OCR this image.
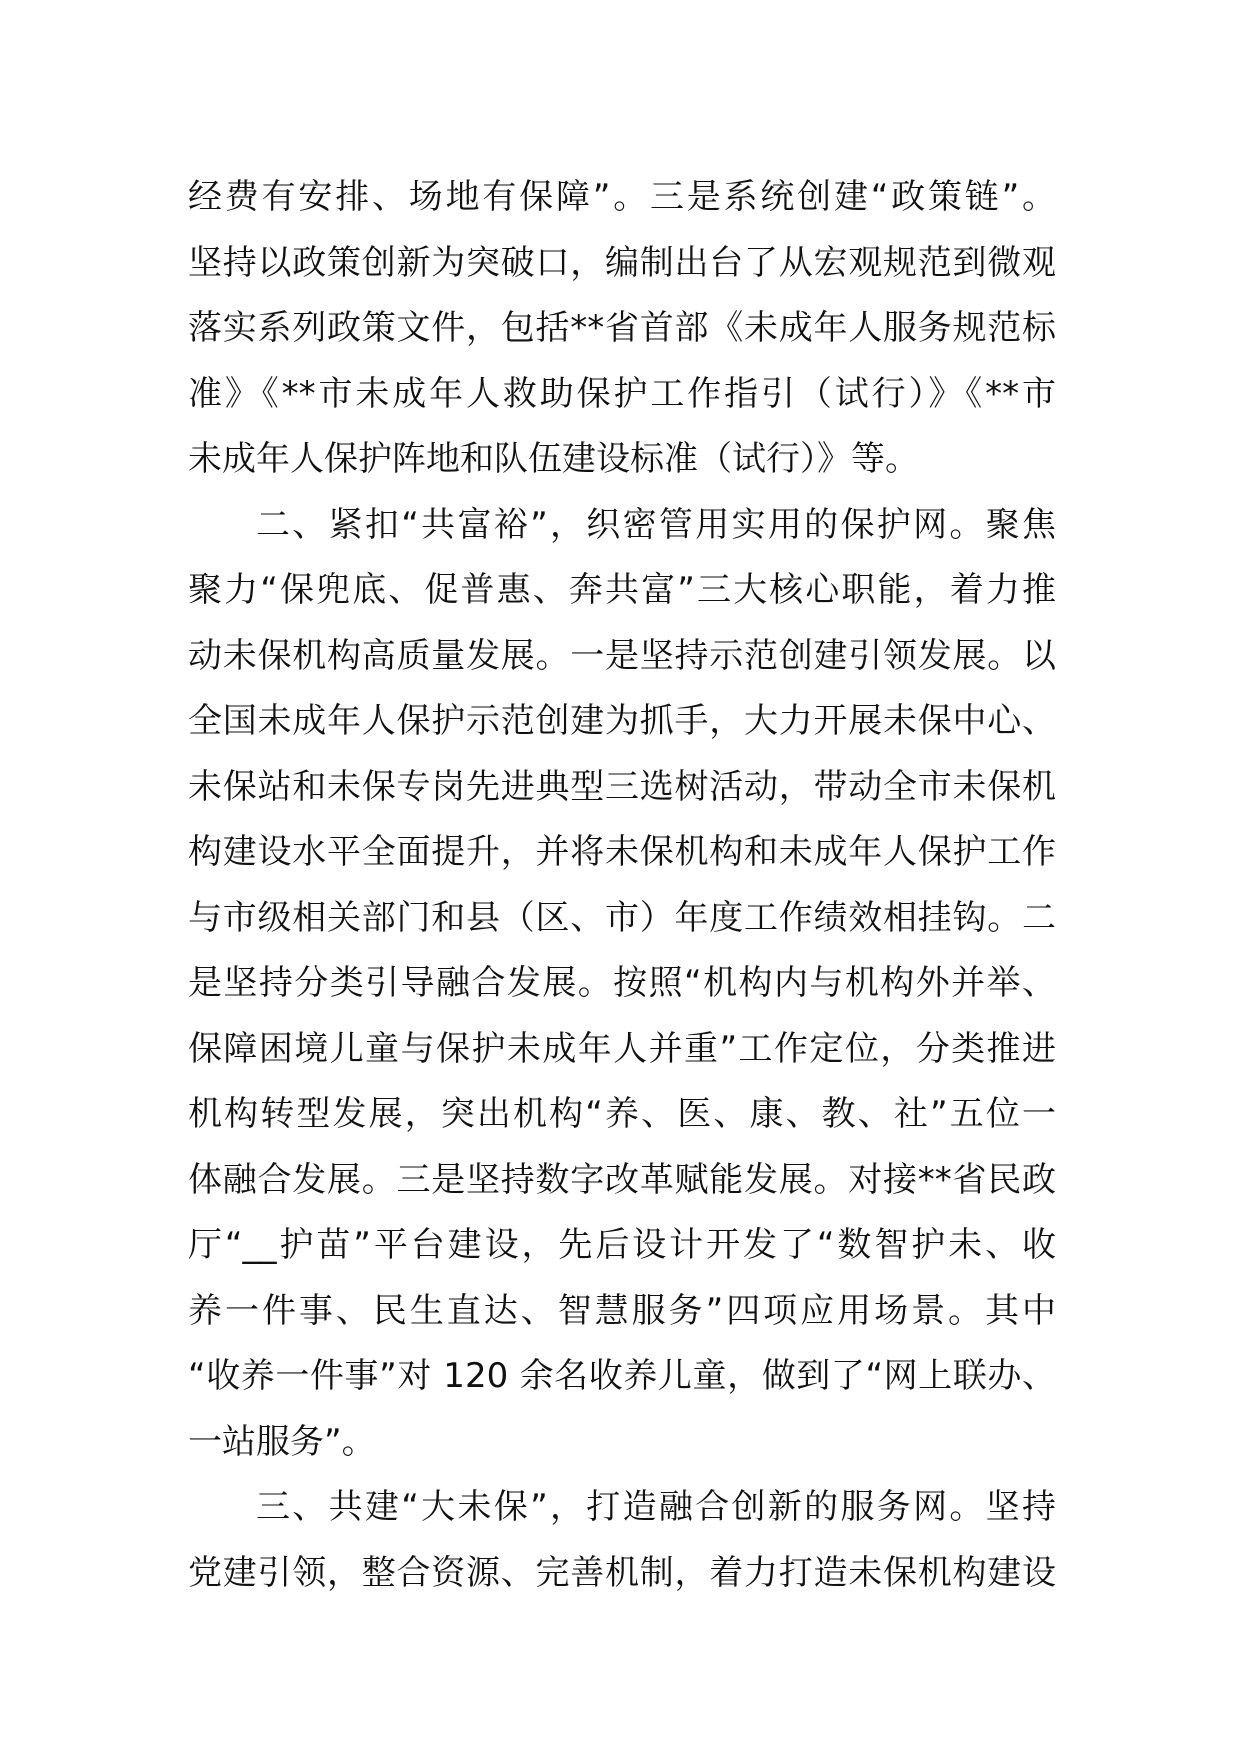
经费有安排、场地有保障”。三是系统创建“政策链”。
坚持以政策创新为突破口，编制出台了从宏观规范到微观
落实系列政策文件，包括**省首部《未成年人服务规范标
准》《**市未成年人救助保护工作指引（试行）》《**市
未成年人保护阵地和队伍建设标准（试行）》等。
二、紧扣“共富裕”，织密管用实用的保护网。聚焦
聚力“保兜底、促普惠、奔共富”三大核心职能，着力推
动未保机构高质量发展。一是坚持示范创建引领发展。以
全国未成年人保护示范创建为抓手，大力开展未保中心、
未保站和未保专岗先进典型三选树活动，带动全市未保机
构建设水平全面提升，并将未保机构和未成年人保护工作
与市级相关部门和县（区、市）年度工作绩效相挂钩。二
是坚持分类引导融合发展。按照“机构内与机构外并举、
保障困境儿童与保护未成年人并重”工作定位，分类推进
机构转型发展，突出机构“养、医、康、教、社”五位一
体融合发展。三是坚持数字改革赋能发展。对接**省民政
厅“__护苗”平台建设，先后设计开发了“数智护未、收
养一件事、民生直达、智慧服务”四项应用场景。其中
“收养一件事”对 120 余名收养儿童，做到了“网上联办、
一站服务”。
三、共建“大未保”，打造融合创新的服务网。坚持
党建引领，整合资源、完善机制，着力打造未保机构建设
